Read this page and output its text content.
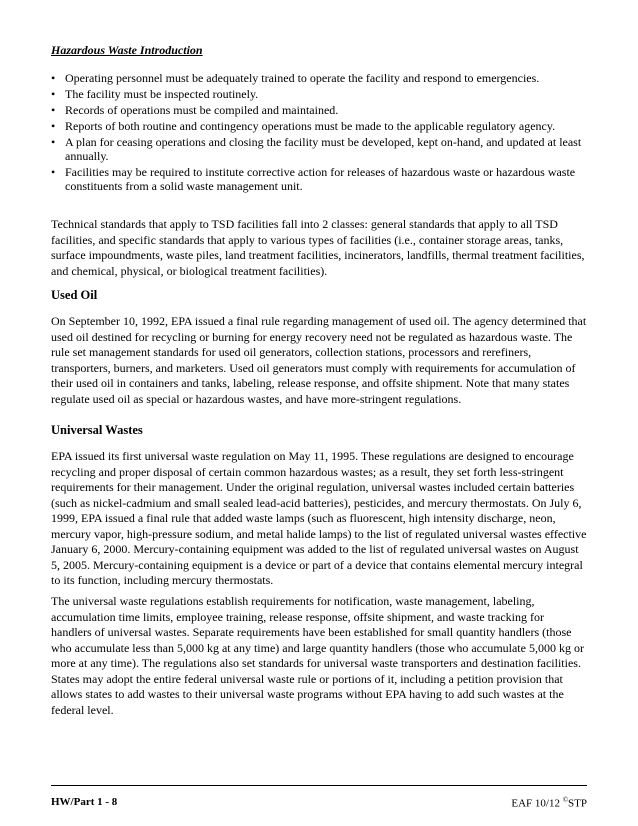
Hazardous Waste Introduction
• Operating personnel must be adequately trained to operate the facility and respond to emergencies.
• The facility must be inspected routinely.
• Records of operations must be compiled and maintained.
• Reports of both routine and contingency operations must be made to the applicable regulatory agency.
• A plan for ceasing operations and closing the facility must be developed, kept on-hand, and updated at least annually.
• Facilities may be required to institute corrective action for releases of hazardous waste or hazardous waste constituents from a solid waste management unit.

Technical standards that apply to TSD facilities fall into 2 classes: general standards that apply to all TSD facilities, and specific standards that apply to various types of facilities (i.e., container storage areas, tanks, surface impoundments, waste piles, land treatment facilities, incinerators, landfills, thermal treatment facilities, and chemical, physical, or biological treatment facilities).

Used Oil

On September 10, 1992, EPA issued a final rule regarding management of used oil. The agency determined that used oil destined for recycling or burning for energy recovery need not be regulated as hazardous waste. The rule set management standards for used oil generators, collection stations, processors and rerefiners, transporters, burners, and marketers. Used oil generators must comply with requirements for accumulation of their used oil in containers and tanks, labeling, release response, and offsite shipment. Note that many states regulate used oil as special or hazardous wastes, and have more-stringent regulations.

Universal Wastes

EPA issued its first universal waste regulation on May 11, 1995. These regulations are designed to encourage recycling and proper disposal of certain common hazardous wastes; as a result, they set forth less-stringent requirements for their management. Under the original regulation, universal wastes included certain batteries (such as nickel-cadmium and small sealed lead-acid batteries), pesticides, and mercury thermostats. On July 6, 1999, EPA issued a final rule that added waste lamps (such as fluorescent, high intensity discharge, neon, mercury vapor, high-pressure sodium, and metal halide lamps) to the list of regulated universal wastes effective January 6, 2000. Mercury-containing equipment was added to the list of regulated universal wastes on August 5, 2005. Mercury-containing equipment is a device or part of a device that contains elemental mercury integral to its function, including mercury thermostats.

The universal waste regulations establish requirements for notification, waste management, labeling, accumulation time limits, employee training, release response, offsite shipment, and waste tracking for handlers of universal wastes. Separate requirements have been established for small quantity handlers (those who accumulate less than 5,000 kg at any time) and large quantity handlers (those who accumulate 5,000 kg or more at any time). The regulations also set standards for universal waste transporters and destination facilities. States may adopt the entire federal universal waste rule or portions of it, including a petition provision that allows states to add wastes to their universal waste programs without EPA having to add such wastes at the federal level.

HW/Part 1 - 8	EAF 10/12 ©STP
